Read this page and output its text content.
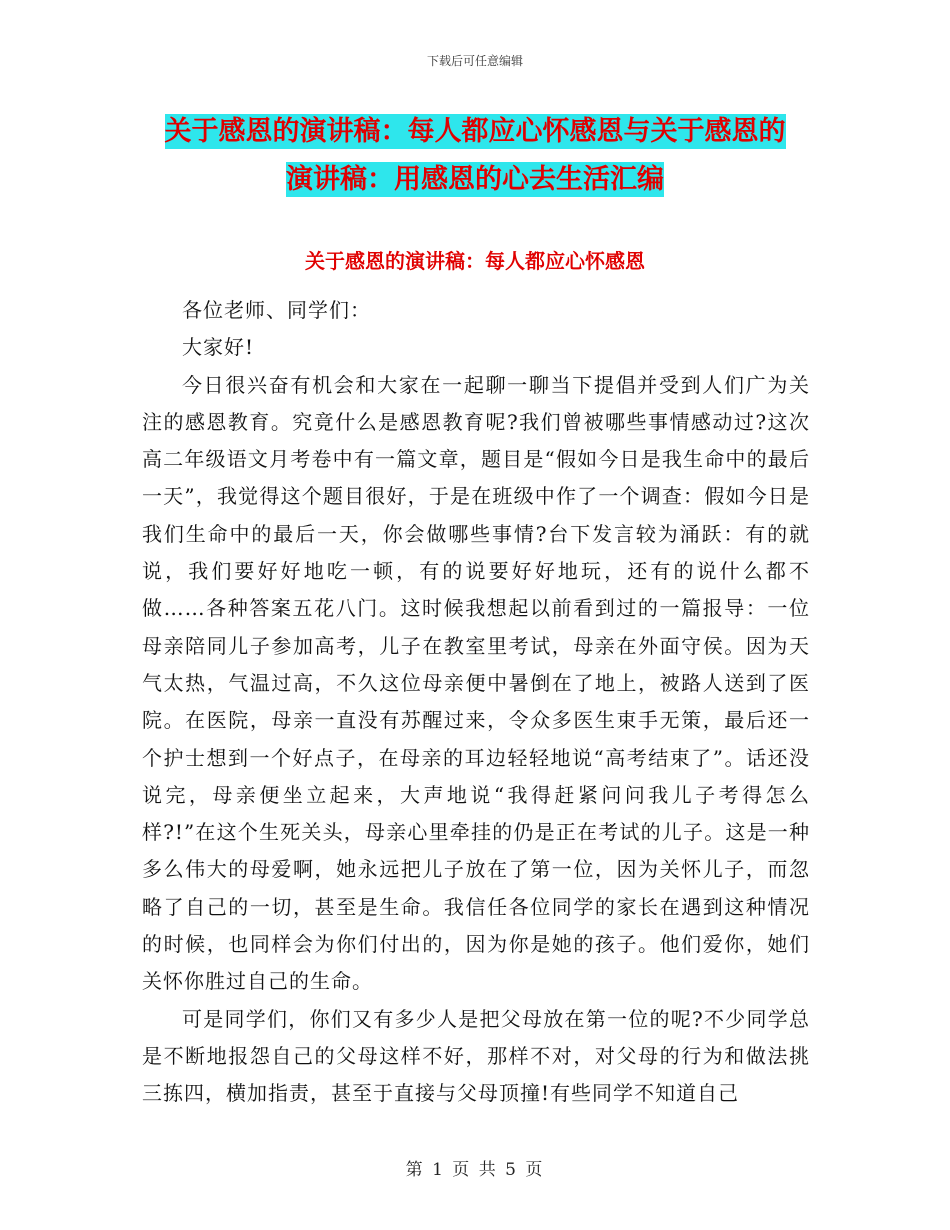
下载后可任意编辑
关于感恩的演讲稿：每人都应心怀感恩与关于感恩的
演讲稿：用感恩的心去生活汇编
关于感恩的演讲稿：每人都应心怀感恩

各位老师、同学们：

大家好!

今日很兴奋有机会和大家在一起聊一聊当下提倡并受到人们广为关注的感恩教育。究竟什么是感恩教育呢?我们曾被哪些事情感动过?这次高二年级语文月考卷中有一篇文章，题目是“假如今日是我生命中的最后一天”，我觉得这个题目很好，于是在班级中作了一个调查：假如今日是我们生命中的最后一天，你会做哪些事情?台下发言较为涌跃：有的就说，我们要好好地吃一顿，有的说要好好地玩，还有的说什么都不做……各种答案五花八门。这时候我想起以前看到过的一篇报导：一位母亲陪同儿子参加高考，儿子在教室里考试，母亲在外面守侯。因为天气太热，气温过高，不久这位母亲便中暑倒在了地上，被路人送到了医院。在医院，母亲一直没有苏醒过来，令众多医生束手无策，最后还一个护士想到一个好点子，在母亲的耳边轻轻地说“高考结束了”。话还没说完，母亲便坐立起来，大声地说“我得赶紧问问我儿子考得怎么样?!”在这个生死关头，母亲心里牵挂的仍是正在考试的儿子。这是一种多么伟大的母爱啊，她永远把儿子放在了第一位，因为关怀儿子，而忽略了自己的一切，甚至是生命。我信任各位同学的家长在遇到这种情况的时候，也同样会为你们付出的，因为你是她的孩子。他们爱你，她们关怀你胜过自己的生命。

可是同学们，你们又有多少人是把父母放在第一位的呢?不少同学总是不断地报怨自己的父母这样不好，那样不对，对父母的行为和做法挑三拣四，横加指责，甚至于直接与父母顶撞!有些同学不知道自己

第 1 页 共 5 页
